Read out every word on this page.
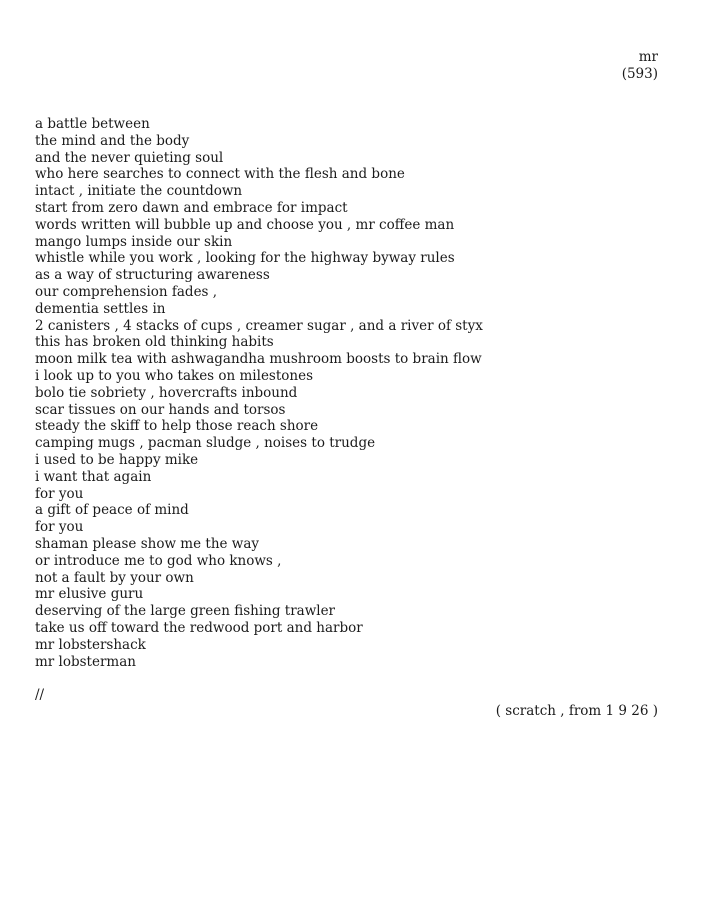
mr
(593)
a battle between
the mind and the body
and the never quieting soul
who here searches to connect with the flesh and bone
intact , initiate the countdown
start from zero dawn and embrace for impact
words written will bubble up and choose you , mr coffee man
mango lumps inside our skin
whistle while you work , looking for the highway byway rules
as a way of structuring awareness
our comprehension fades ,
dementia settles in
2 canisters , 4 stacks of cups , creamer sugar , and a river of styx
this has broken old thinking habits
moon milk tea with ashwagandha mushroom boosts to brain flow
i look up to you who takes on milestones
bolo tie sobriety , hovercrafts inbound
scar tissues on our hands and torsos
steady the skiff to help those reach shore
camping mugs , pacman sludge , noises to trudge
i used to be happy mike
i want that again
for you
a gift of peace of mind
for you
shaman please show me the way
or introduce me to god who knows ,
not a fault by your own
mr elusive guru
deserving of the large green fishing trawler
take us off toward the redwood port and harbor
mr lobstershack
mr lobsterman
//
( scratch , from 1 9 26 )
